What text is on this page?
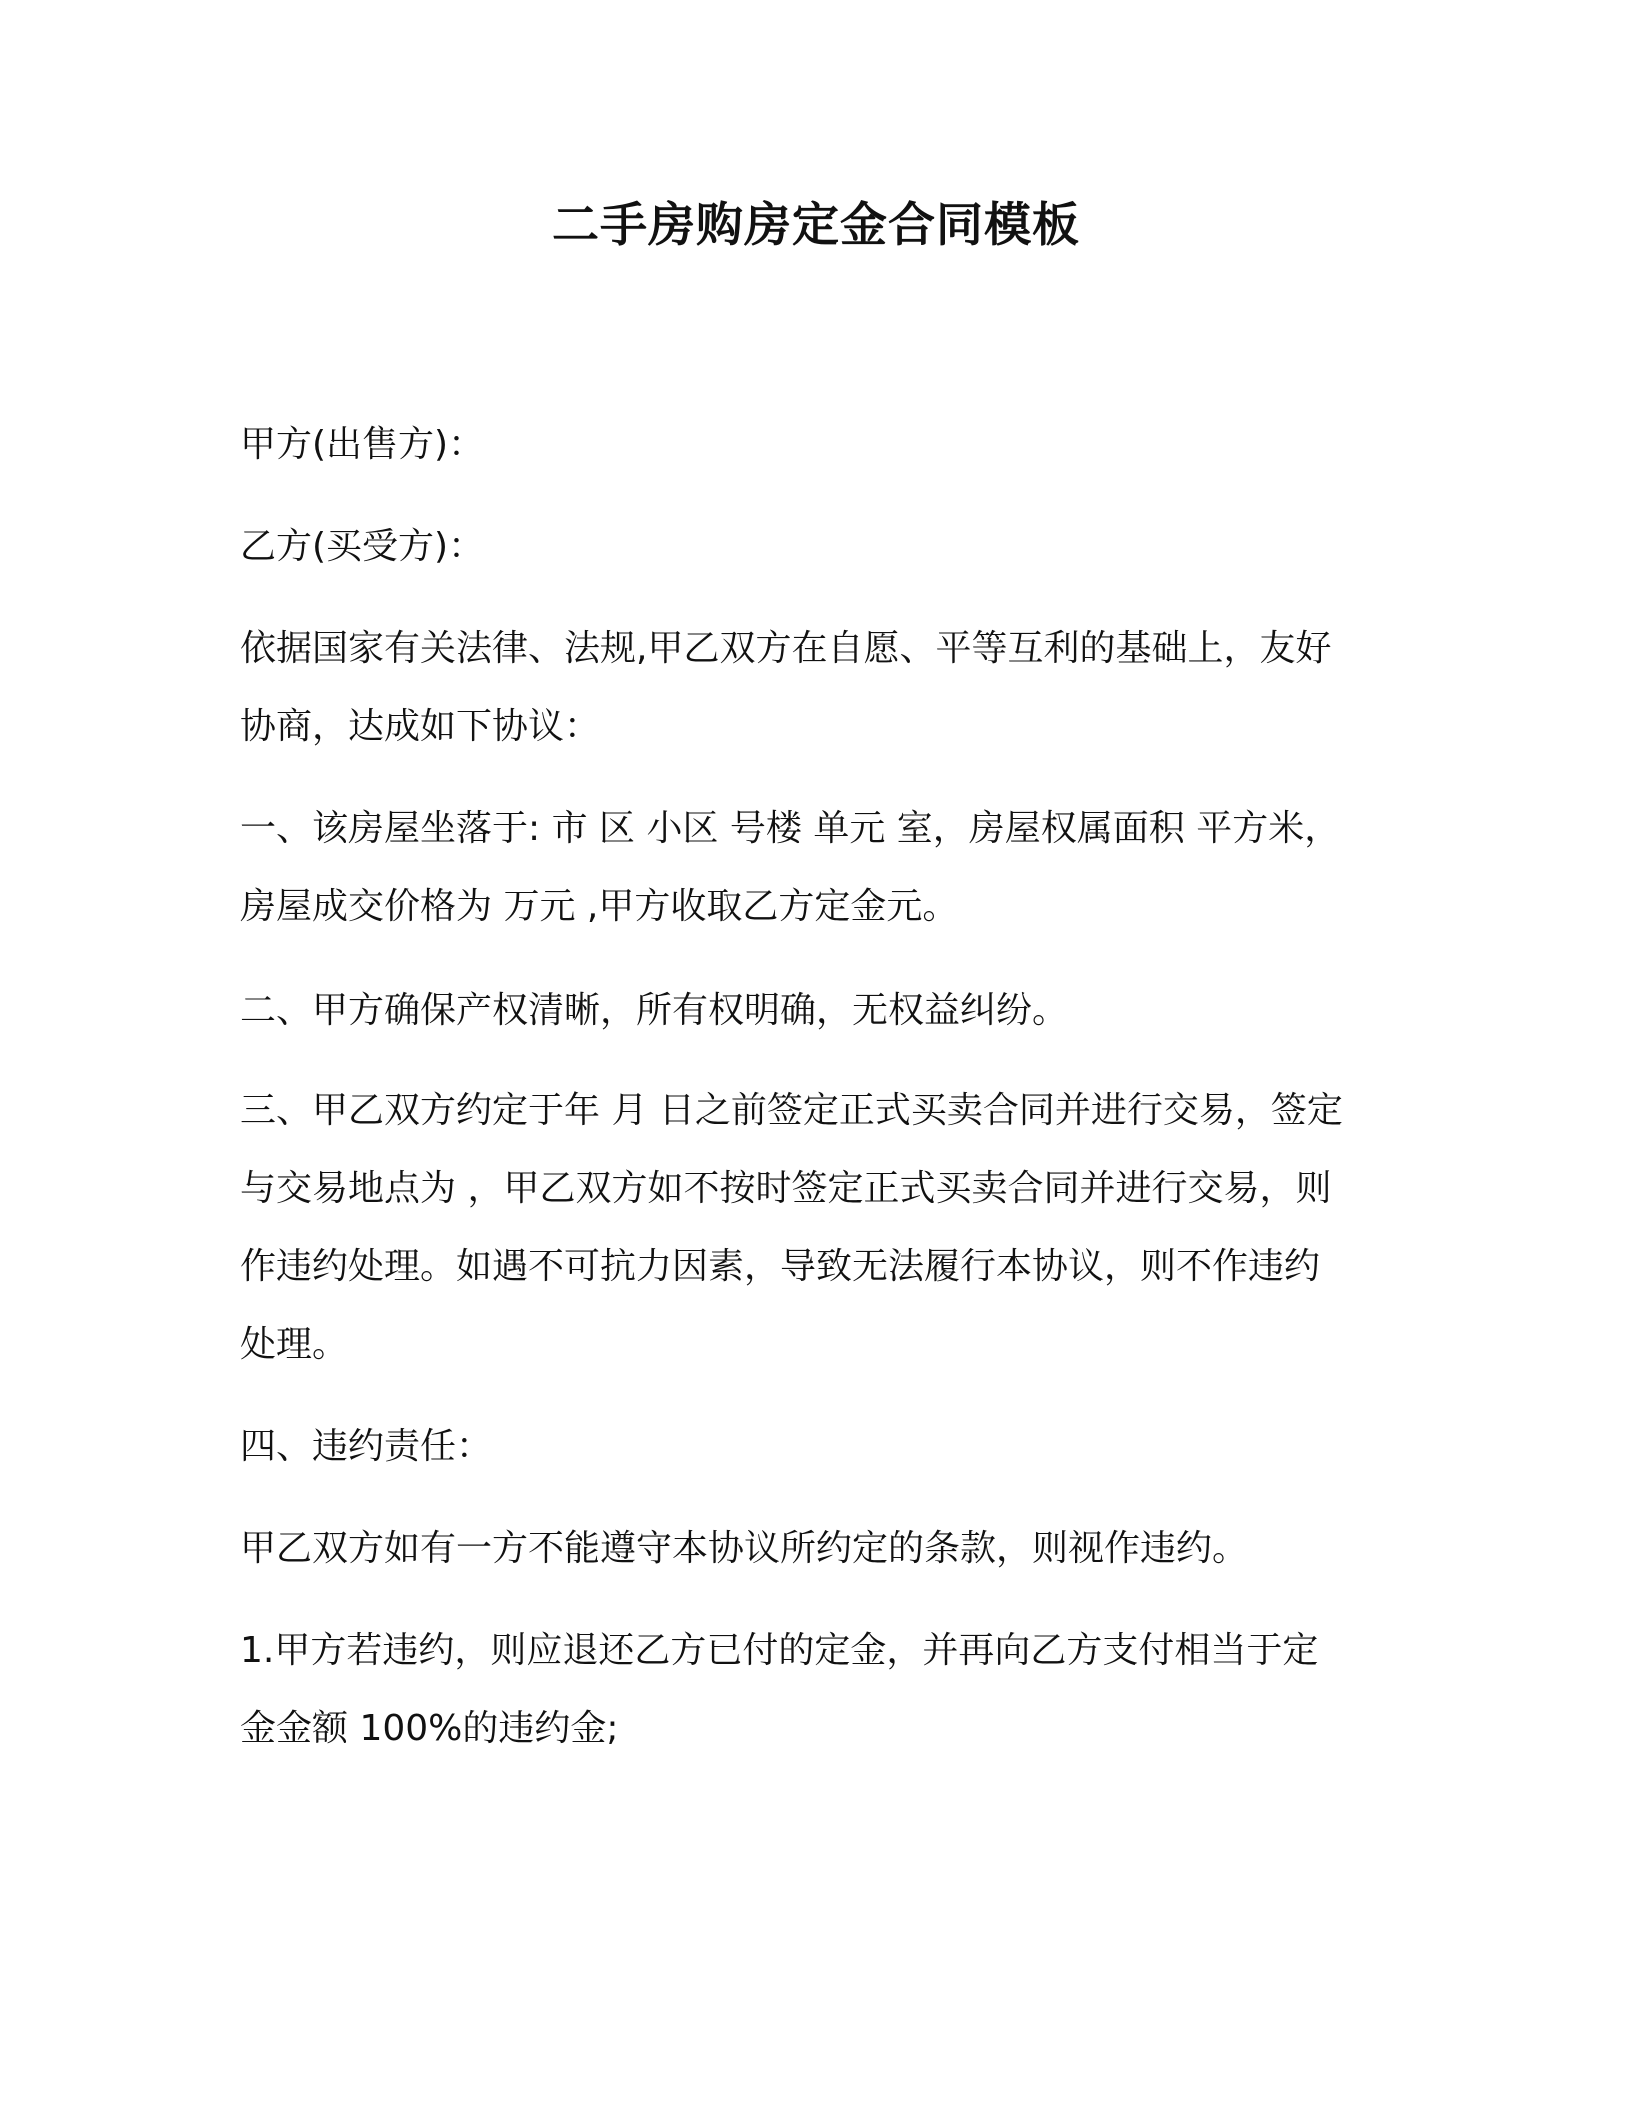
二手房购房定金合同模板

甲方(出售方)：

乙方(买受方)：

依据国家有关法律、法规,甲乙双方在自愿、平等互利的基础上，友好
协商，达成如下协议：
一、该房屋坐落于: 市 区 小区 号楼 单元 室，房屋权属面积 平方米，
房屋成交价格为 万元 ,甲方收取乙方定金元。

二、甲方确保产权清晰，所有权明确，无权益纠纷。

三、甲乙双方约定于年 月 日之前签定正式买卖合同并进行交易，签定
与交易地点为 ，甲乙双方如不按时签定正式买卖合同并进行交易，则
作违约处理。如遇不可抗力因素，导致无法履行本协议，则不作违约
处理。

四、违约责任：

甲乙双方如有一方不能遵守本协议所约定的条款，则视作违约。

1.甲方若违约，则应退还乙方已付的定金，并再向乙方支付相当于定
金金额 100%的违约金;
